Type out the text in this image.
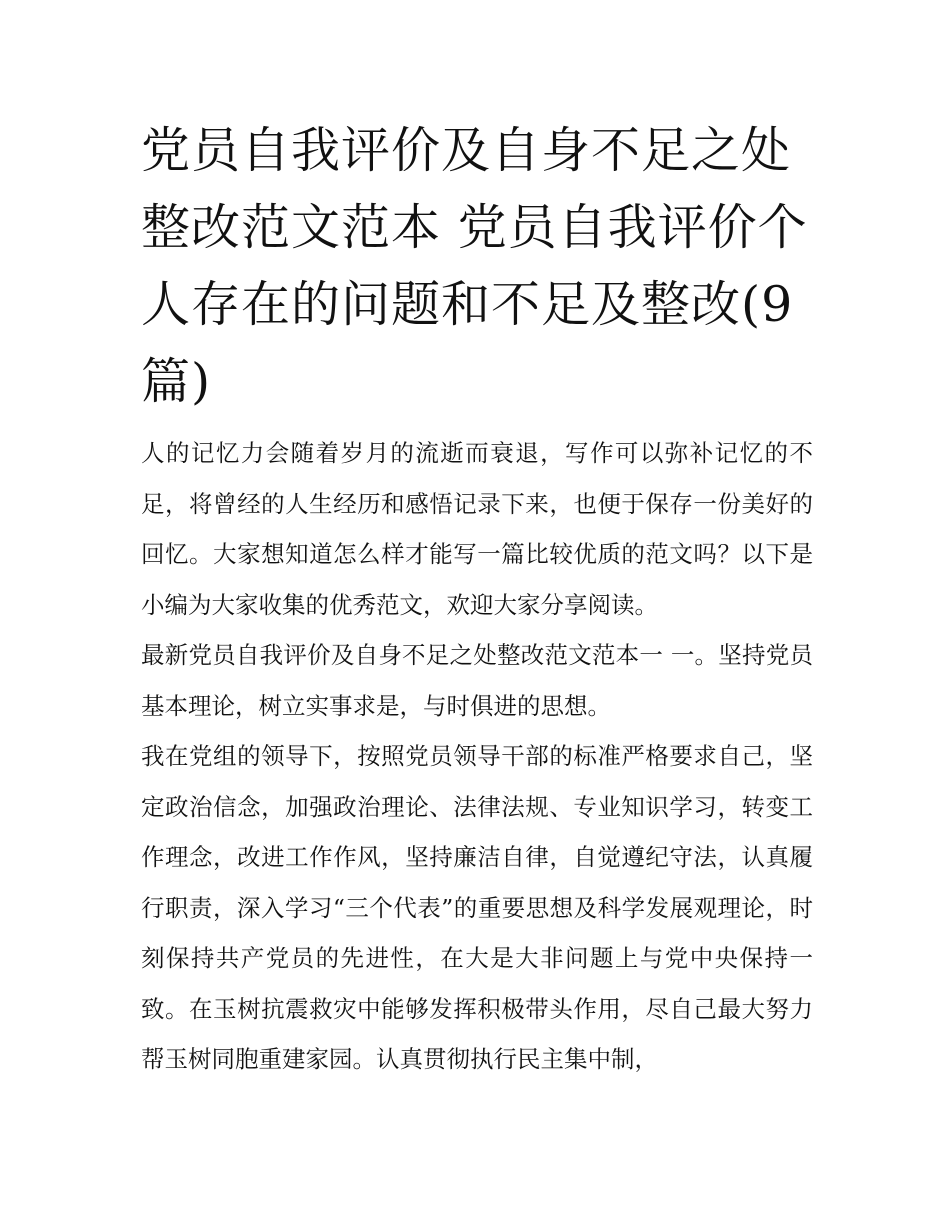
党员自我评价及自身不足之处整改范文范本 党员自我评价个人存在的问题和不足及整改(9篇)

人的记忆力会随着岁月的流逝而衰退，写作可以弥补记忆的不足，将曾经的人生经历和感悟记录下来，也便于保存一份美好的回忆。大家想知道怎么样才能写一篇比较优质的范文吗？以下是小编为大家收集的优秀范文，欢迎大家分享阅读。

最新党员自我评价及自身不足之处整改范文范本一 一。坚持党员基本理论，树立实事求是，与时俱进的思想。

我在党组的领导下，按照党员领导干部的标准严格要求自己，坚定政治信念，加强政治理论、法律法规、专业知识学习，转变工作理念，改进工作作风，坚持廉洁自律，自觉遵纪守法，认真履行职责，深入学习“三个代表”的重要思想及科学发展观理论，时刻保持共产党员的先进性，在大是大非问题上与党中央保持一致。在玉树抗震救灾中能够发挥积极带头作用，尽自己最大努力帮玉树同胞重建家园。认真贯彻执行民主集中制，
